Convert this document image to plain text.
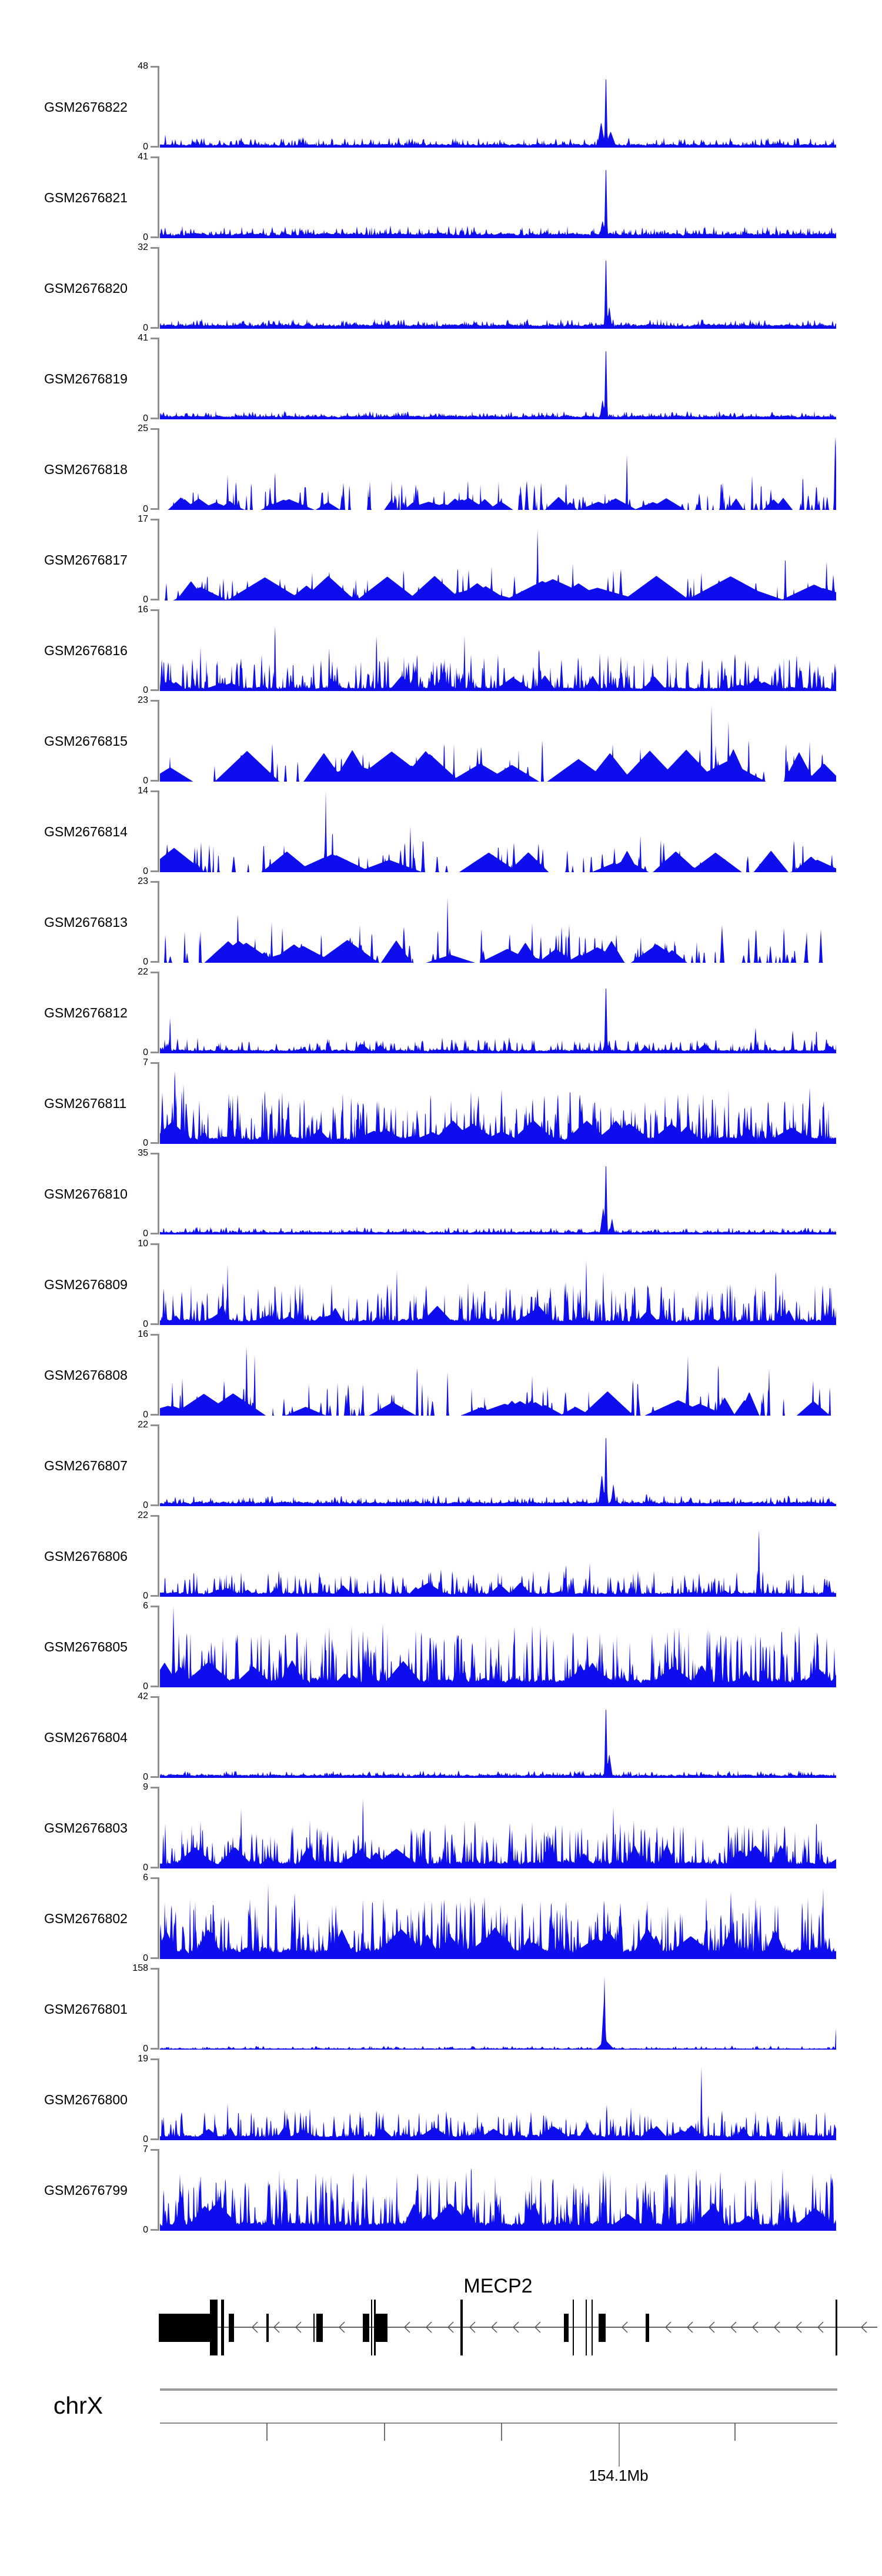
GSM2676822
48
0
GSM2676821
41
0
GSM2676820
32
0
GSM2676819
41
0
GSM2676818
25
0
GSM2676817
17
0
GSM2676816
16
0
GSM2676815
23
0
GSM2676814
14
0
GSM2676813
23
0
GSM2676812
22
0
GSM2676811
7
0
GSM2676810
35
0
GSM2676809
10
0
GSM2676808
16
0
GSM2676807
22
0
GSM2676806
22
0
GSM2676805
6
0
GSM2676804
42
0
GSM2676803
9
0
GSM2676802
6
0
GSM2676801
158
0
GSM2676800
19
0
GSM2676799
7
0
MECP2
chrX
154.1Mb
